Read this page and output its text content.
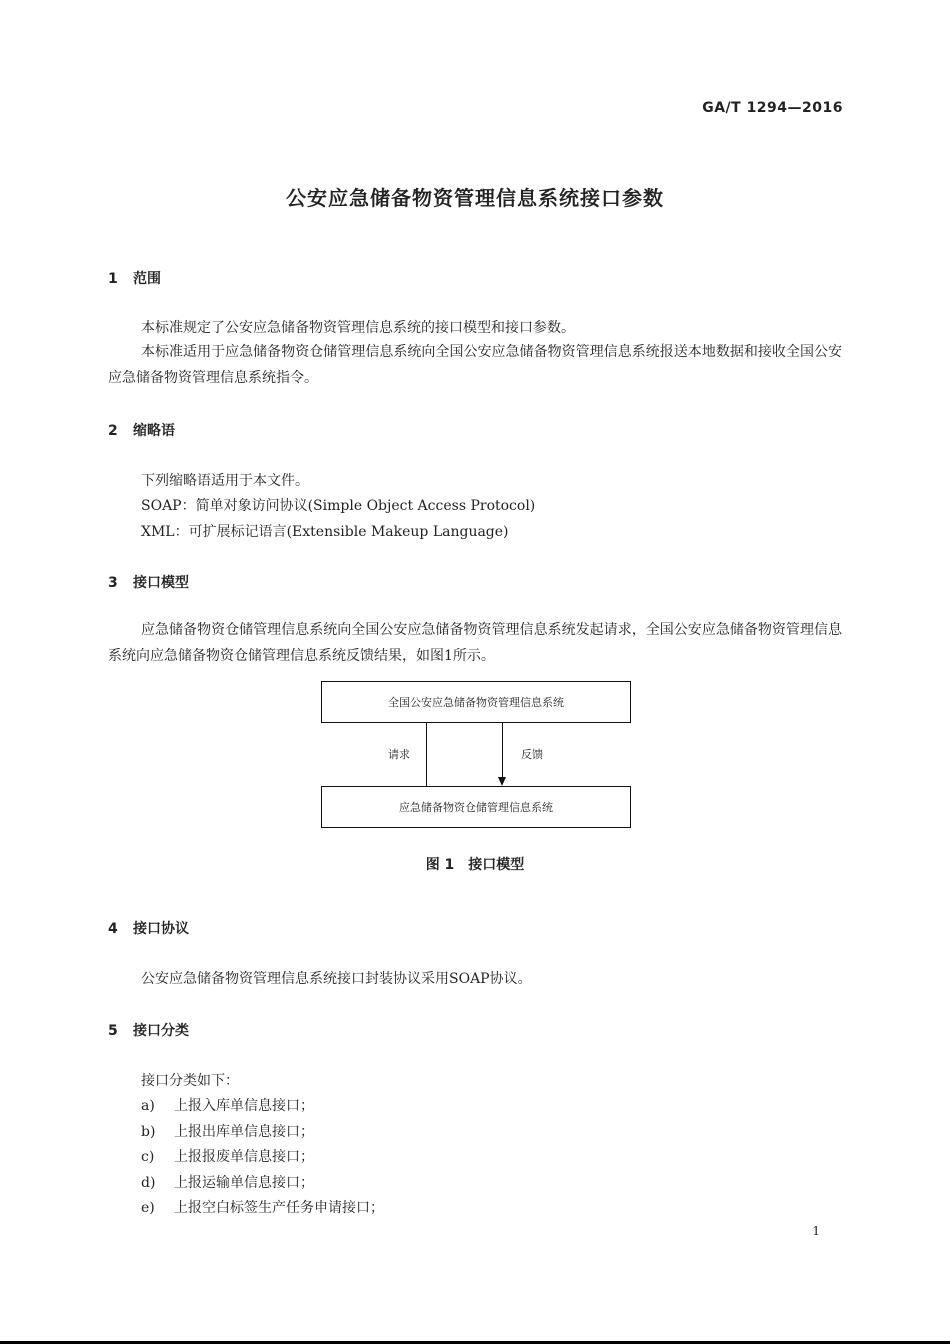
GA/T 1294—2016
公安应急储备物资管理信息系统接口参数
1 范围
本标准规定了公安应急储备物资管理信息系统的接口模型和接口参数。
本标准适用于应急储备物资仓储管理信息系统向全国公安应急储备物资管理信息系统报送本地数据和接收全国公安应急储备物资管理信息系统指令。
2 缩略语
下列缩略语适用于本文件。
SOAP：简单对象访问协议(Simple Object Access Protocol)
XML：可扩展标记语言(Extensible Makeup Language)
3 接口模型
应急储备物资仓储管理信息系统向全国公安应急储备物资管理信息系统发起请求，全国公安应急储备物资管理信息系统向应急储备物资仓储管理信息系统反馈结果，如图1所示。
全国公安应急储备物资管理信息系统
请求	反馈
应急储备物资仓储管理信息系统
图 1　接口模型
4 接口协议
公安应急储备物资管理信息系统接口封装协议采用SOAP协议。
5 接口分类
接口分类如下：
a) 上报入库单信息接口；
b) 上报出库单信息接口；
c) 上报报废单信息接口；
d) 上报运输单信息接口；
e) 上报空白标签生产任务申请接口；
1
